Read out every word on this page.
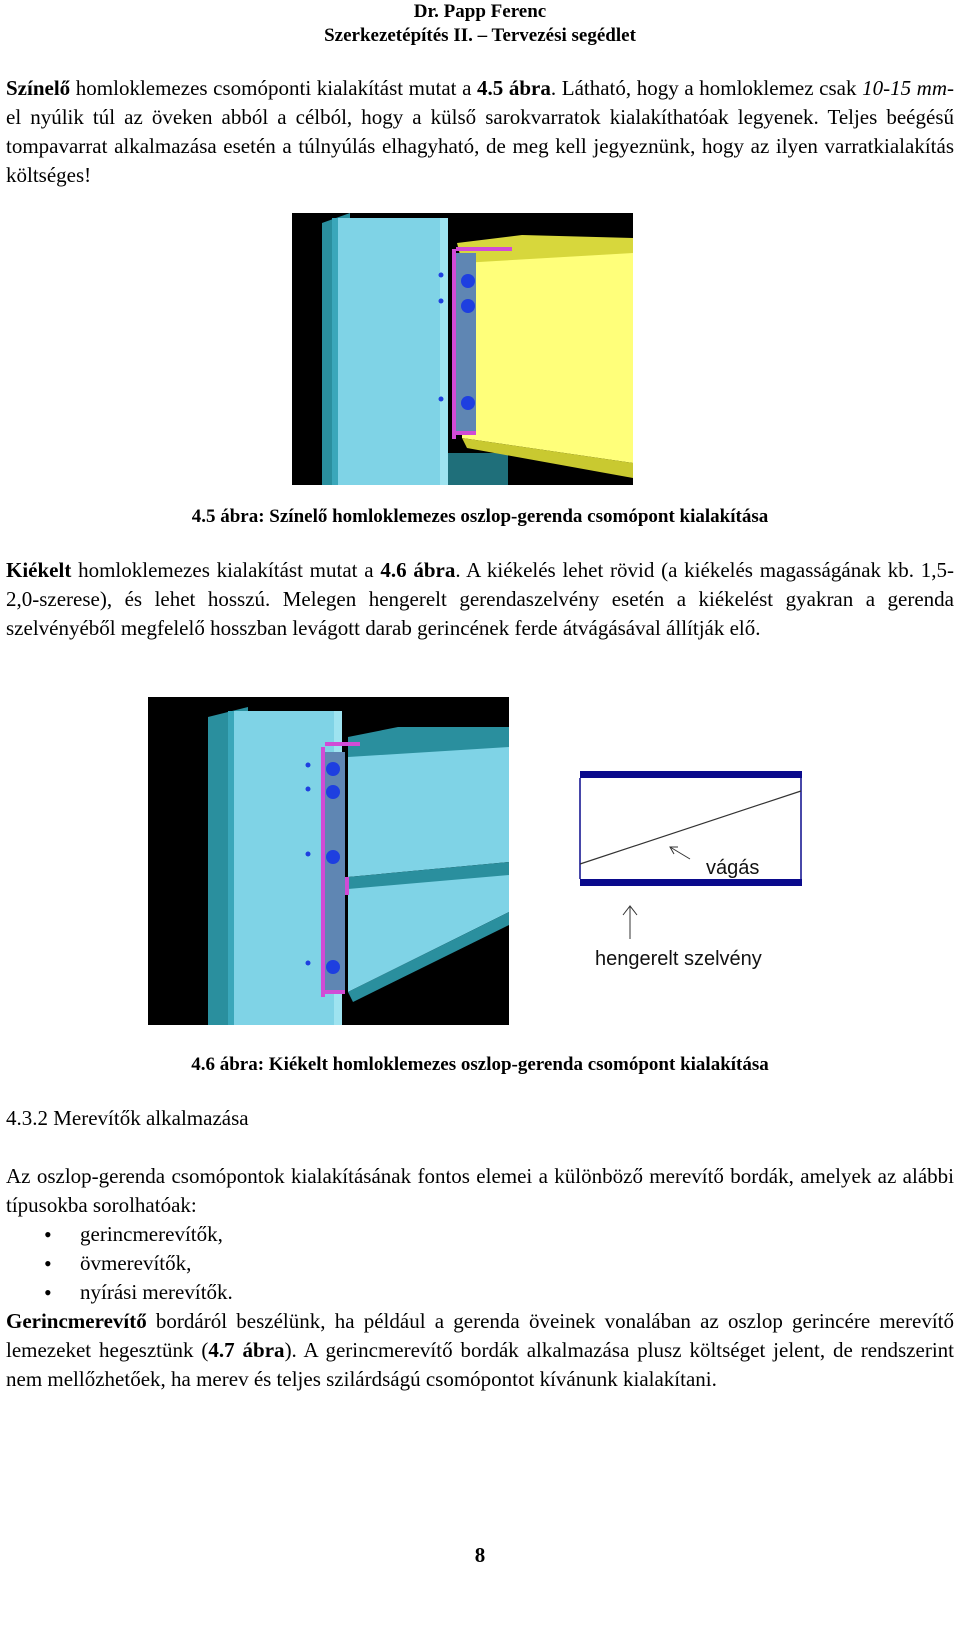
Dr. Papp Ferenc
Szerkezetépítés II. – Tervezési segédlet
Színelő homloklemezes csomóponti kialakítást mutat a 4.5 ábra. Látható, hogy a homloklemez csak 10-15 mm-el nyúlik túl az öveken abból a célból, hogy a külső sarokvarratok kialakíthatóak legyenek. Teljes beégésű tompavarrat alkalmazása esetén a túlnyúlás elhagyható, de meg kell jegyeznünk, hogy az ilyen varratkialakítás költséges!
4.5 ábra: Színelő homloklemezes oszlop-gerenda csomópont kialakítása
Kiékelt homloklemezes kialakítást mutat a 4.6 ábra. A kiékelés lehet rövid (a kiékelés magasságának kb. 1,5-2,0-szerese), és lehet hosszú. Melegen hengerelt gerendaszelvény esetén a kiékelést gyakran a gerenda szelvényéből megfelelő hosszban levágott darab gerincének ferde átvágásával állítják elő.
vágás
hengerelt szelvény
4.6 ábra: Kiékelt homloklemezes oszlop-gerenda csomópont kialakítása
4.3.2 Merevítők alkalmazása
Az oszlop-gerenda csomópontok kialakításának fontos elemei a különböző merevítő bordák, amelyek az alábbi típusokba sorolhatóak:
• gerincmerevítők,
• övmerevítők,
• nyírási merevítők.
Gerincmerevítő bordáról beszélünk, ha például a gerenda öveinek vonalában az oszlop gerincére merevítő lemezeket hegesztünk (4.7 ábra). A gerincmerevítő bordák alkalmazása plusz költséget jelent, de rendszerint nem mellőzhetőek, ha merev és teljes szilárdságú csomópontot kívánunk kialakítani.
8
